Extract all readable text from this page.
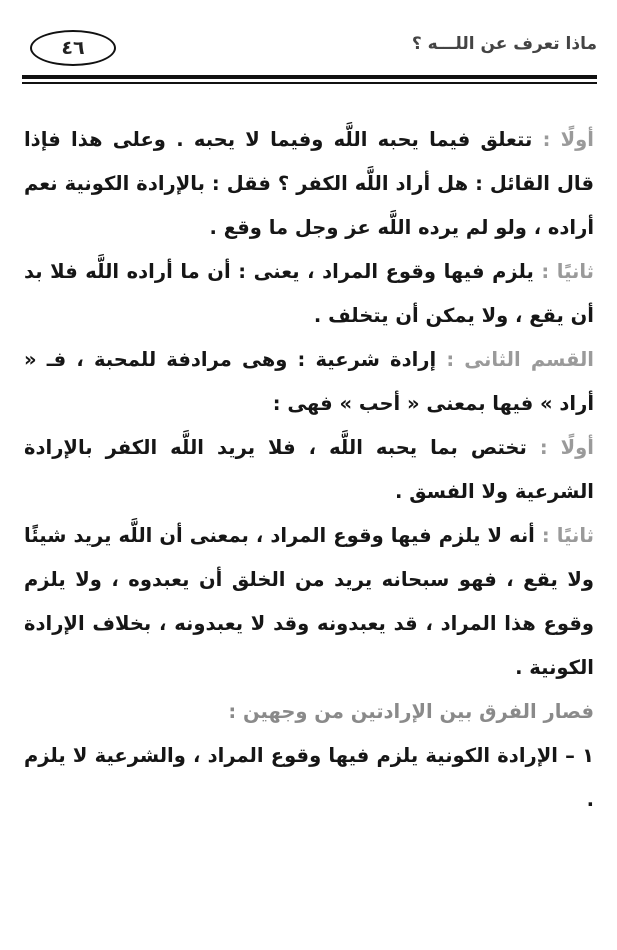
ماذا تعرف عن اللـــه ؟
٤٦

أولًا : تتعلق فيما يحبه اللَّه وفيما لا يحبه . وعلى هذا فإذا قال القائل : هل أراد اللَّه الكفر ؟ فقل : بالإرادة الكونية نعم أراده ، ولو لم يرده اللَّه عز وجل ما وقع .

ثانيًا : يلزم فيها وقوع المراد ، يعنى : أن ما أراده اللَّه فلا بد أن يقع ، ولا يمكن أن يتخلف .

القسم الثانى : إرادة شرعية : وهى مرادفة للمحبة ، فـ « أراد » فيها بمعنى « أحب » فهى :

أولًا : تختص بما يحبه اللَّه ، فلا يريد اللَّه الكفر بالإرادة الشرعية ولا الفسق .

ثانيًا : أنه لا يلزم فيها وقوع المراد ، بمعنى أن اللَّه يريد شيئًا ولا يقع ، فهو سبحانه يريد من الخلق أن يعبدوه ، ولا يلزم وقوع هذا المراد ، قد يعبدونه وقد لا يعبدونه ، بخلاف الإرادة الكونية .

فصار الفرق بين الإرادتين من وجهين :

١ – الإرادة الكونية يلزم فيها وقوع المراد ، والشرعية لا يلزم .
